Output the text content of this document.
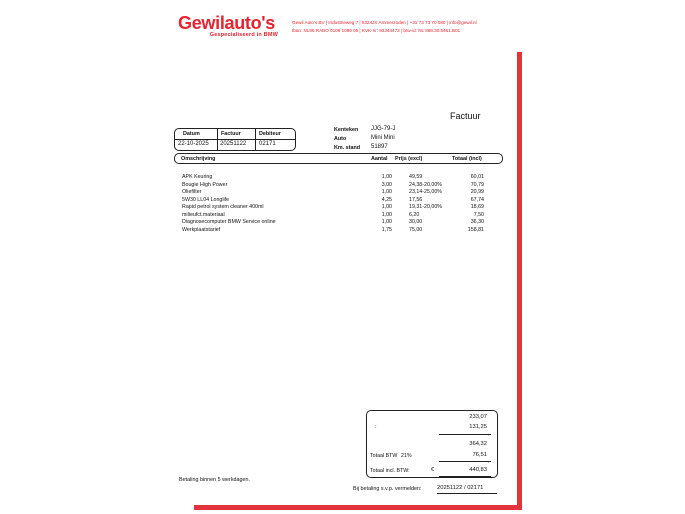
Gewilauto's
Gespecialiseerd in BMW
Gewil Auto's BV | Industrieweg 7 | 5324JX Ammerzoden | +31 73 73 70 080 | info@gewil.nl
Iban: NL86 RABO 0106 1089 05 | KVK-nr: 93344473 | btw-id: NL 866.30.5461.B01
Factuur
Datum	Factuur	Debiteur
22-10-2025 20251122 02171
Kenteken JJG-79-J
Auto	Mini Mini
Km. stand 51897
Omschrijving	Aantal Prijs (excl)	Totaal (incl)
APK Keuring	1,00	49,59	60,01
Bougie High Power	3,00	24,38-20,00%	70,79
Oliefilter	1,00	23,14-25,00%	20,99
5W30 LL04 Longlife	4,25	17,56	67,74
Rapid petrol system cleaner 400ml	1,00	19,31-20,00%	18,69
milieufct.materiaal	1,00	6,20	7,50
Diagnosecomputer BMW Service online	1,00	30,00	36,30
Werkplaatstarief	1,75	75,00	158,81
233,07
:	131,25
-
364,32
Totaal BTW 21%	76,51
-
Totaal incl. BTW:	€	440,83
Betaling binnen 5 werkdagen.
Bij betaling s.v.p. vermelden:	20251122 / 02171
